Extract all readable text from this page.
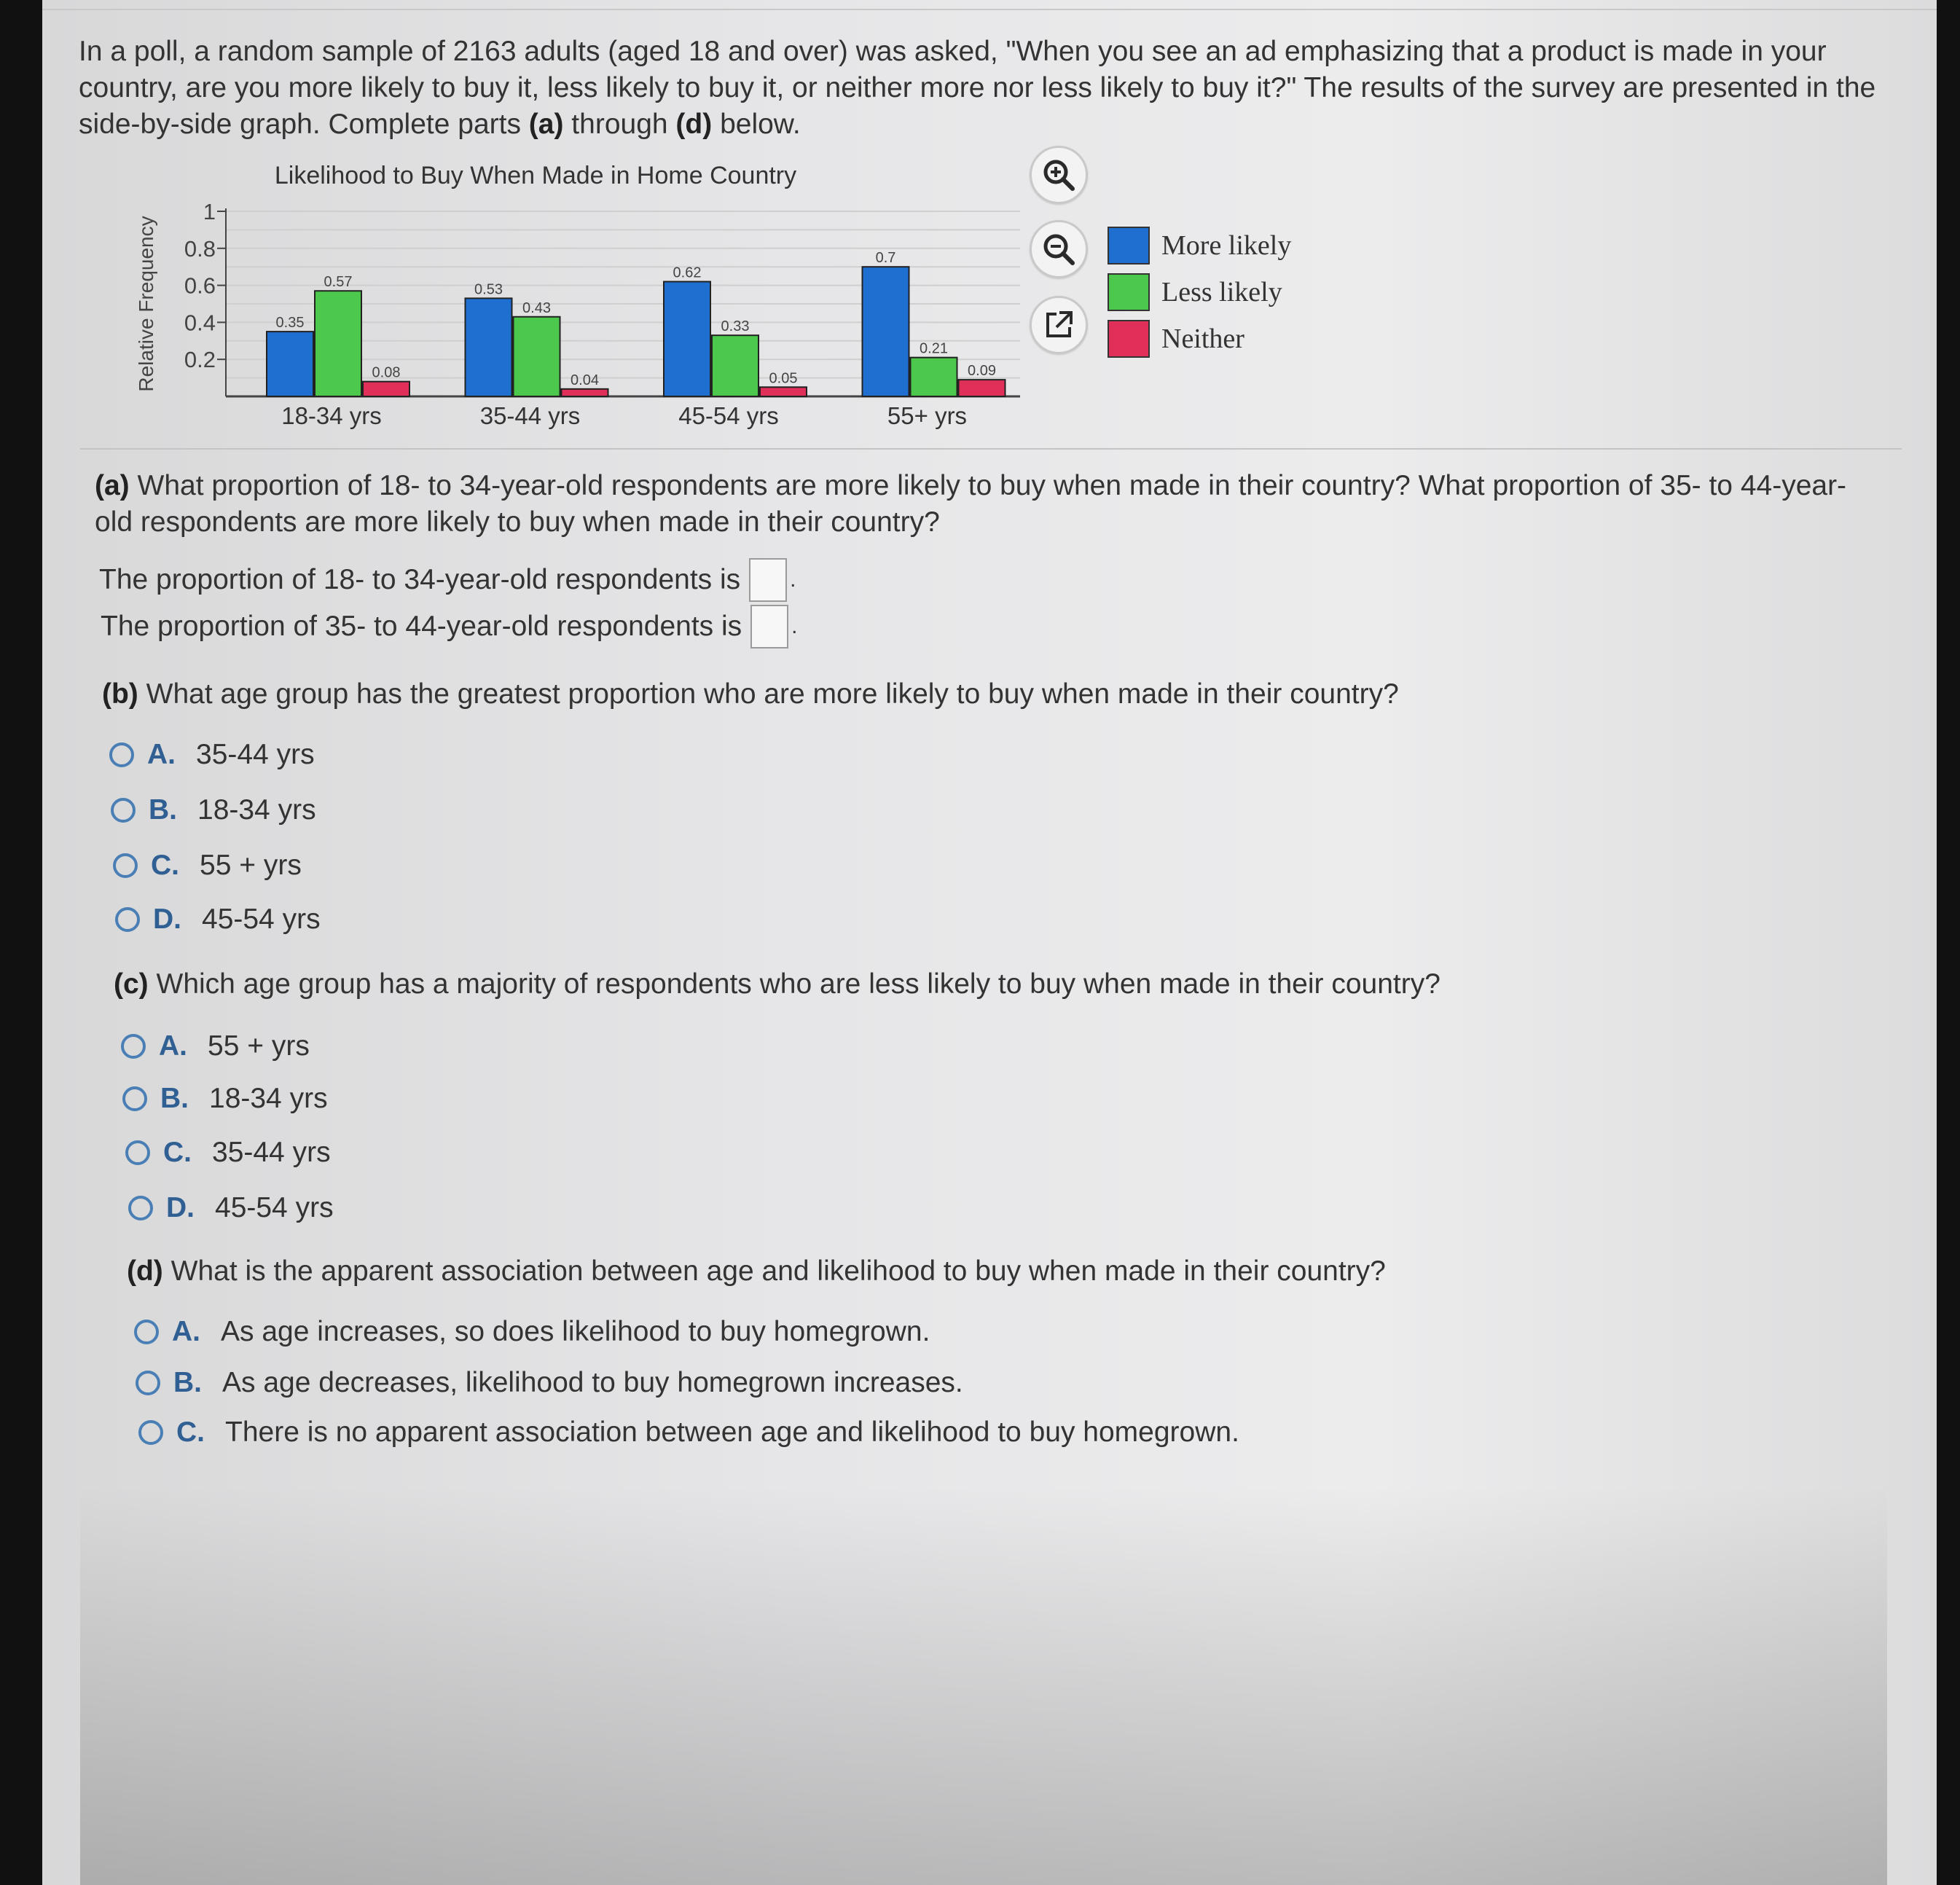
In a poll, a random sample of 2163 adults (aged 18 and over) was asked, "When you see an ad emphasizing that a product is made in your country, are you more likely to buy it, less likely to buy it, or neither more nor less likely to buy it?" The results of the survey are presented in the side-by-side graph. Complete parts (a) through (d) below.
Likelihood to Buy When Made in Home Country
0.2
0.4
0.6
0.8
1
Relative Frequency	0.35
0.57
0.08
18-34 yrs
0.53
0.43
0.04
35-44 yrs
0.62
0.33
0.05
45-54 yrs
0.7
0.21
0.09
55+ yrs
More likely
Less likely
Neither
(a) What proportion of 18- to 34-year-old respondents are more likely to buy when made in their country? What proportion of 35- to 44-year-old respondents are more likely to buy when made in their country?
The proportion of 18- to 34-year-old respondents is .
The proportion of 35- to 44-year-old respondents is .
(b) What age group has the greatest proportion who are more likely to buy when made in their country?
A. 35-44 yrs
B. 18-34 yrs
C. 55 + yrs
D. 45-54 yrs
(c) Which age group has a majority of respondents who are less likely to buy when made in their country?
A. 55 + yrs
B. 18-34 yrs
C. 35-44 yrs
D. 45-54 yrs
(d) What is the apparent association between age and likelihood to buy when made in their country?
A. As age increases, so does likelihood to buy homegrown.
B. As age decreases, likelihood to buy homegrown increases.
C. There is no apparent association between age and likelihood to buy homegrown.
